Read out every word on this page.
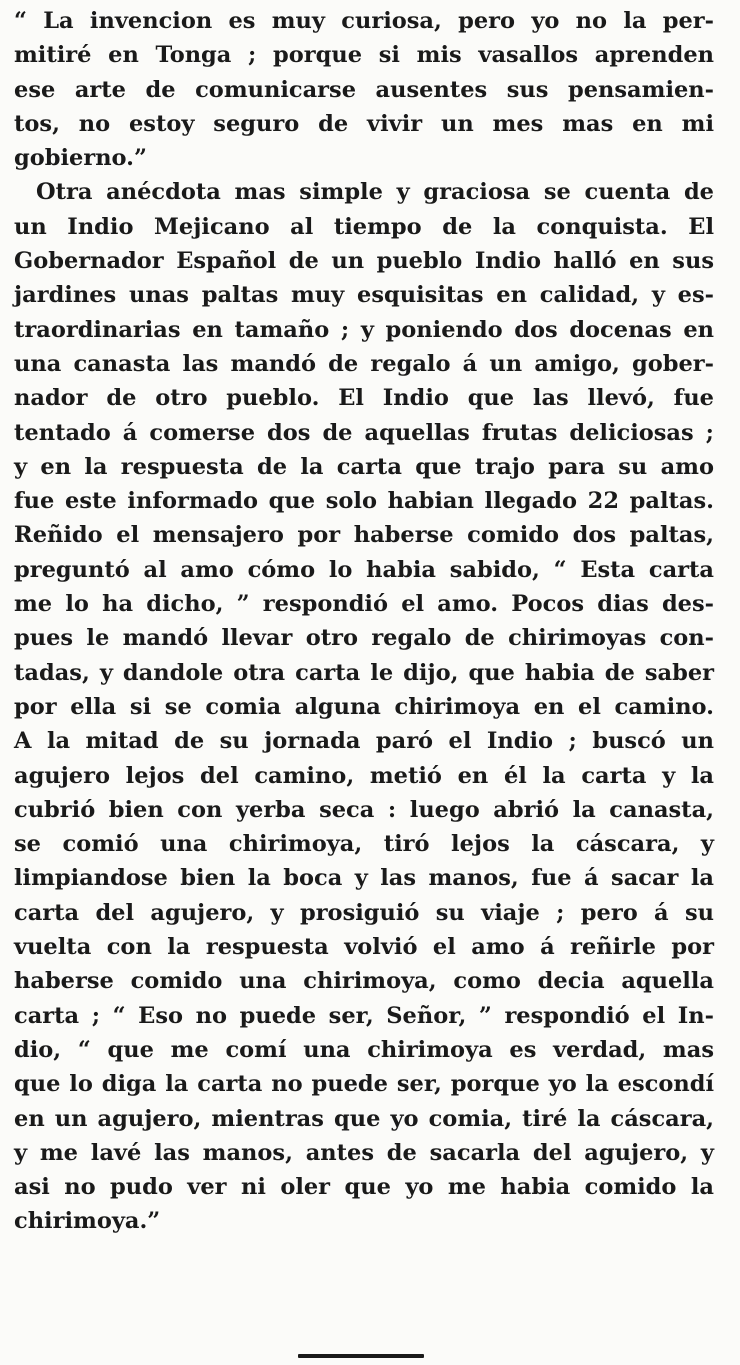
“ La invencion es muy curiosa, pero yo no la per-
mitiré en Tonga ; porque si mis vasallos aprenden
ese arte de comunicarse ausentes sus pensamien-
tos, no estoy seguro de vivir un mes mas en mi
gobierno.”
Otra anécdota mas simple y graciosa se cuenta de
un Indio Mejicano al tiempo de la conquista. El
Gobernador Español de un pueblo Indio halló en sus
jardines unas paltas muy esquisitas en calidad, y es-
traordinarias en tamaño ; y poniendo dos docenas en
una canasta las mandó de regalo á un amigo, gober-
nador de otro pueblo. El Indio que las llevó, fue
tentado á comerse dos de aquellas frutas deliciosas ;
y en la respuesta de la carta que trajo para su amo
fue este informado que solo habian llegado 22 paltas.
Reñido el mensajero por haberse comido dos paltas,
preguntó al amo cómo lo habia sabido, “ Esta carta
me lo ha dicho, ” respondió el amo. Pocos dias des-
pues le mandó llevar otro regalo de chirimoyas con-
tadas, y dandole otra carta le dijo, que habia de saber
por ella si se comia alguna chirimoya en el camino.
A la mitad de su jornada paró el Indio ; buscó un
agujero lejos del camino, metió en él la carta y la
cubrió bien con yerba seca : luego abrió la canasta,
se comió una chirimoya, tiró lejos la cáscara, y
limpiandose bien la boca y las manos, fue á sacar la
carta del agujero, y prosiguió su viaje ; pero á su
vuelta con la respuesta volvió el amo á reñirle por
haberse comido una chirimoya, como decia aquella
carta ; “ Eso no puede ser, Señor, ” respondió el In-
dio, “ que me comí una chirimoya es verdad, mas
que lo diga la carta no puede ser, porque yo la escondí
en un agujero, mientras que yo comia, tiré la cáscara,
y me lavé las manos, antes de sacarla del agujero, y
asi no pudo ver ni oler que yo me habia comido la
chirimoya.”
